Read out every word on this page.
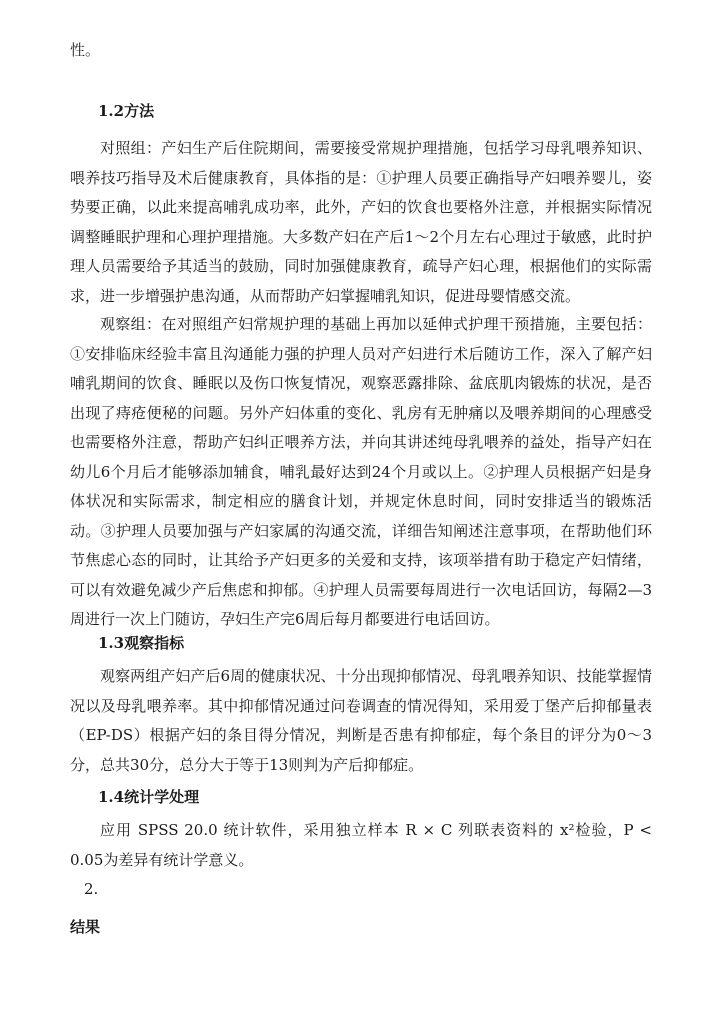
性。

1.2方法

对照组：产妇生产后住院期间，需要接受常规护理措施，包括学习母乳喂养知识、喂养技巧指导及术后健康教育，具体指的是：①护理人员要正确指导产妇喂养婴儿，姿势要正确，以此来提高哺乳成功率，此外，产妇的饮食也要格外注意，并根据实际情况调整睡眠护理和心理护理措施。大多数产妇在产后1～2个月左右心理过于敏感，此时护理人员需要给予其适当的鼓励，同时加强健康教育，疏导产妇心理，根据他们的实际需求，进一步增强护患沟通，从而帮助产妇掌握哺乳知识，促进母婴情感交流。

观察组：在对照组产妇常规护理的基础上再加以延伸式护理干预措施，主要包括：①安排临床经验丰富且沟通能力强的护理人员对产妇进行术后随访工作，深入了解产妇哺乳期间的饮食、睡眠以及伤口恢复情况，观察恶露排除、盆底肌肉锻炼的状况，是否出现了痔疮便秘的问题。另外产妇体重的变化、乳房有无肿痛以及喂养期间的心理感受也需要格外注意，帮助产妇纠正喂养方法，并向其讲述纯母乳喂养的益处，指导产妇在幼儿6个月后才能够添加辅食，哺乳最好达到24个月或以上。②护理人员根据产妇是身体状况和实际需求，制定相应的膳食计划，并规定休息时间，同时安排适当的锻炼活动。③护理人员要加强与产妇家属的沟通交流，详细告知阐述注意事项，在帮助他们环节焦虑心态的同时，让其给予产妇更多的关爱和支持，该项举措有助于稳定产妇情绪，可以有效避免减少产后焦虑和抑郁。④护理人员需要每周进行一次电话回访，每隔2—3周进行一次上门随访，孕妇生产完6周后每月都要进行电话回访。

1.3观察指标

观察两组产妇产后6周的健康状况、十分出现抑郁情况、母乳喂养知识、技能掌握情况以及母乳喂养率。其中抑郁情况通过问卷调查的情况得知，采用爱丁堡产后抑郁量表（EP-DS）根据产妇的条目得分情况，判断是否患有抑郁症，每个条目的评分为0～3分，总共30分，总分大于等于13则判为产后抑郁症。

1.4统计学处理

应用 SPSS 20.0 统计软件，采用独立样本 R × C 列联表资料的 x²检验，P < 0.05为差异有统计学意义。

2.

结果
